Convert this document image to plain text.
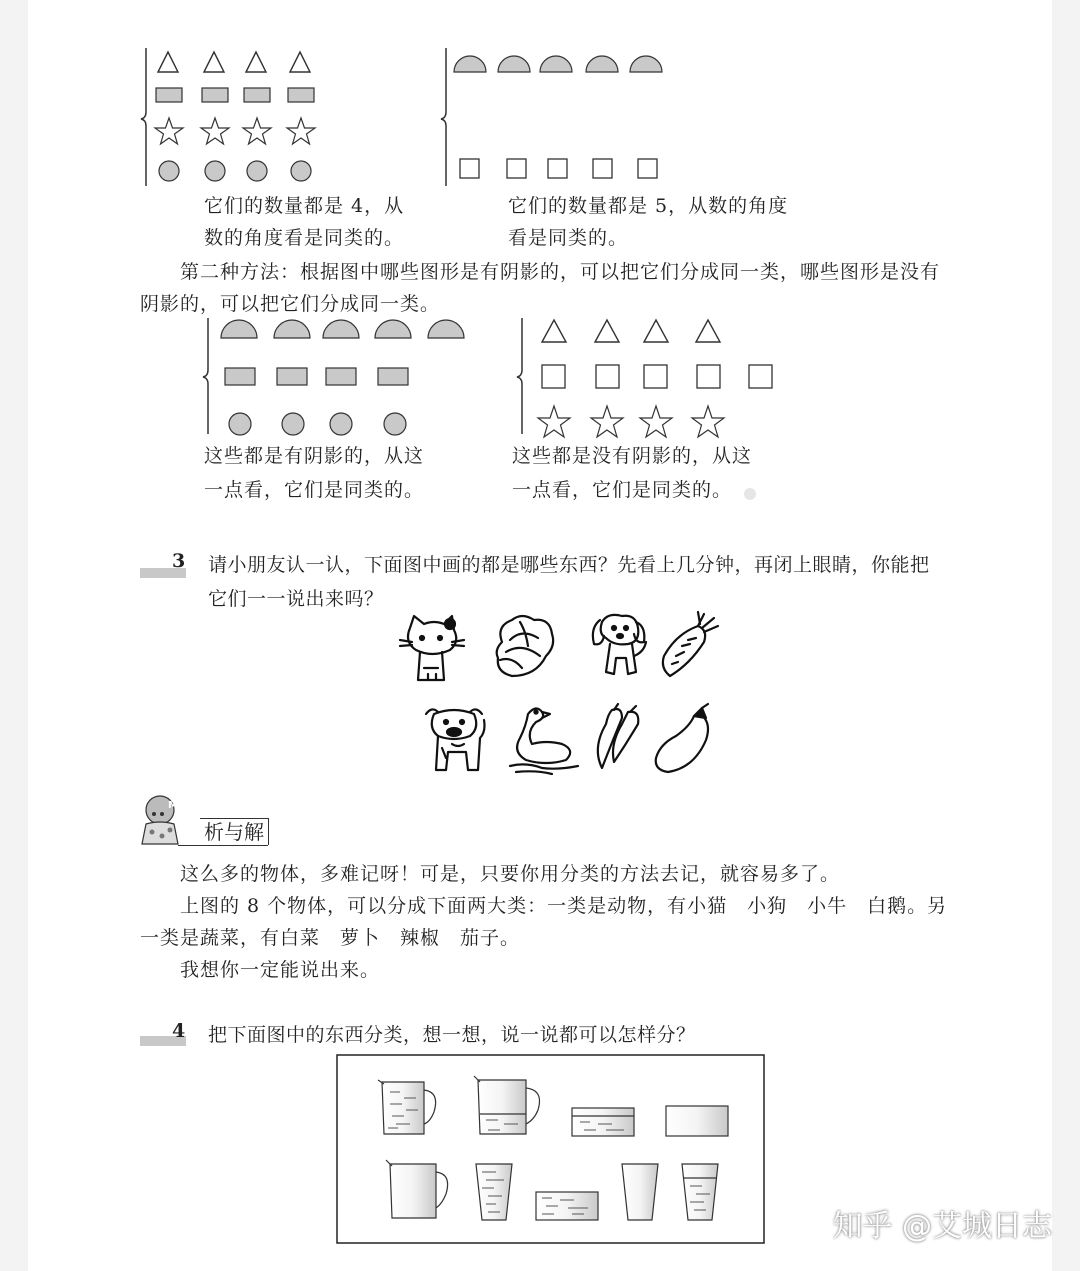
它们的数量都是 4，从
数的角度看是同类的。
它们的数量都是 5，从数的角度
看是同类的。
第二种方法：根据图中哪些图形是有阴影的，可以把它们分成同一类，哪些图形是没有
阴影的，可以把它们分成同一类。
这些都是有阴影的，从这
一点看，它们是同类的。
这些都是没有阴影的，从这
一点看，它们是同类的。
3 请小朋友认一认，下面图中画的都是哪些东西？先看上几分钟，再闭上眼睛，你能把
它们一一说出来吗？
M
析与解
这么多的物体，多难记呀！可是，只要你用分类的方法去记，就容易多了。
上图的 8 个物体，可以分成下面两大类：一类是动物，有小猫　小狗　小牛　白鹅。另
一类是蔬菜，有白菜　萝卜　辣椒　茄子。
我想你一定能说出来。
4 把下面图中的东西分类，想一想，说一说都可以怎样分？
知乎 @艾城日志
